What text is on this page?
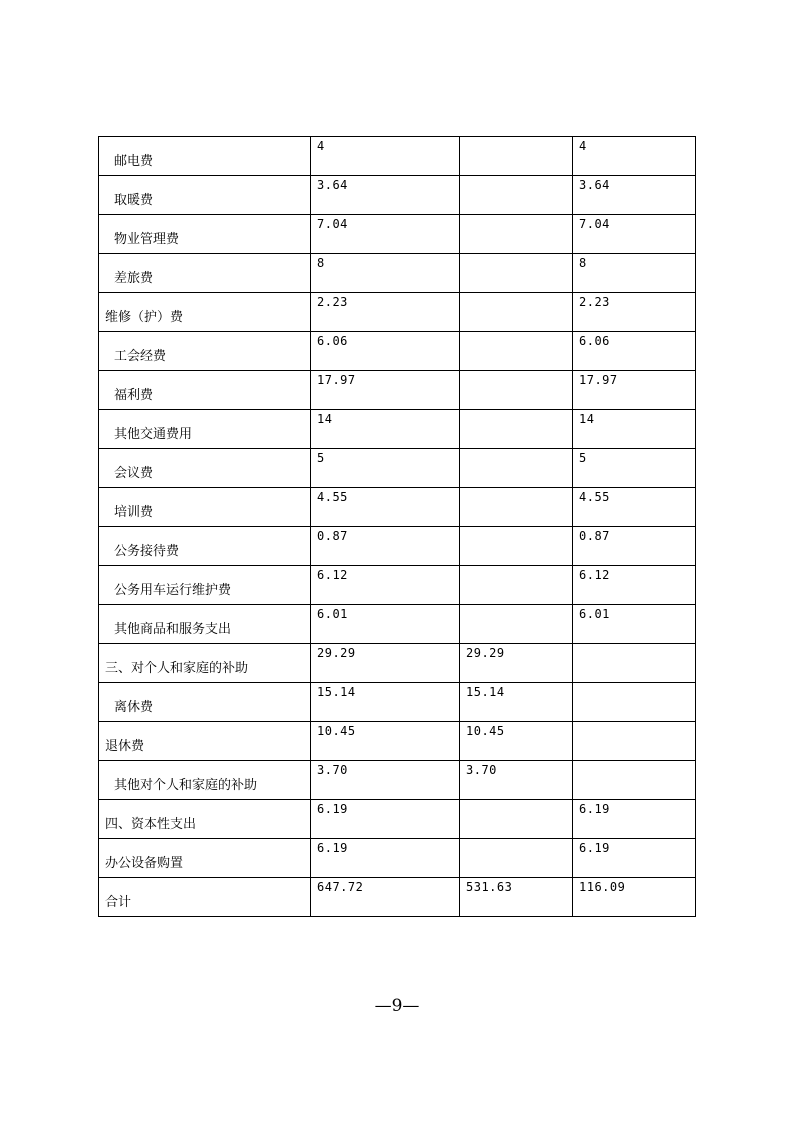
邮电费	4		4
取暖费	3.64		3.64
物业管理费	7.04		7.04
差旅费	8		8
维修（护）费	2.23		2.23
工会经费	6.06		6.06
福利费	17.97		17.97
其他交通费用	14		14
会议费	5		5
培训费	4.55		4.55
公务接待费	0.87		0.87
公务用车运行维护费	6.12		6.12
其他商品和服务支出	6.01		6.01
三、对个人和家庭的补助	29.29	29.29	
离休费	15.14	15.14	
退休费	10.45	10.45	
其他对个人和家庭的补助	3.70	3.70	
四、资本性支出	6.19		6.19
办公设备购置	6.19		6.19
合计	647.72	531.63	116.09
—9—
